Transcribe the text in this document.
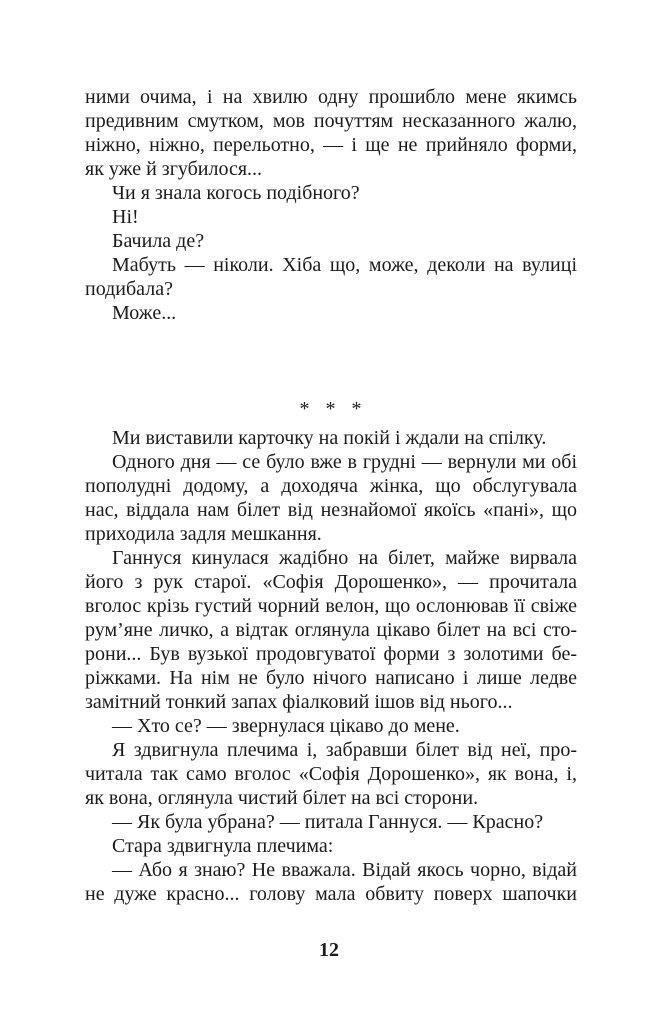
ними очима, і на хвилю одну прошибло мене якимсь
предивним смутком, мов почуттям несказанного жалю,
ніжно, ніжно, перельотно, — і ще не прийняло форми,
як уже й згубилося...
Чи я знала когось подібного?
Ні!
Бачила де?
Мабуть — ніколи. Хіба що, може, деколи на вулиці
подибала?
Може...
* * *
Ми виставили карточку на покій і ждали на спілку.
Одного дня — се було вже в грудні — вернули ми обі
пополудні додому, а доходяча жінка, що обслугувала
нас, віддала нам білет від незнайомої якоїсь «пані», що
приходила задля мешкання.
Ганнуся кинулася жадібно на білет, майже вирвала
його з рук старої. «Софія Дорошенко», — прочитала
вголос крізь густий чорний велон, що ослонював її свіже
рум’яне личко, а відтак оглянула цікаво білет на всі сто-
рони... Був вузької продовгуватої форми з золотими бе-
ріжками. На нім не було нічого написано і лише ледве
замітний тонкий запах фіалковий ішов від нього...
— Хто се? — звернулася цікаво до мене.
Я здвигнула плечима і, забравши білет від неї, про-
читала так само вголос «Софія Дорошенко», як вона, і,
як вона, оглянула чистий білет на всі сторони.
— Як була убрана? — питала Ганнуся. — Красно?
Стара здвигнула плечима:
— Або я знаю? Не вважала. Відай якось чорно, відай
не дуже красно... голову мала обвиту поверх шапочки
12
